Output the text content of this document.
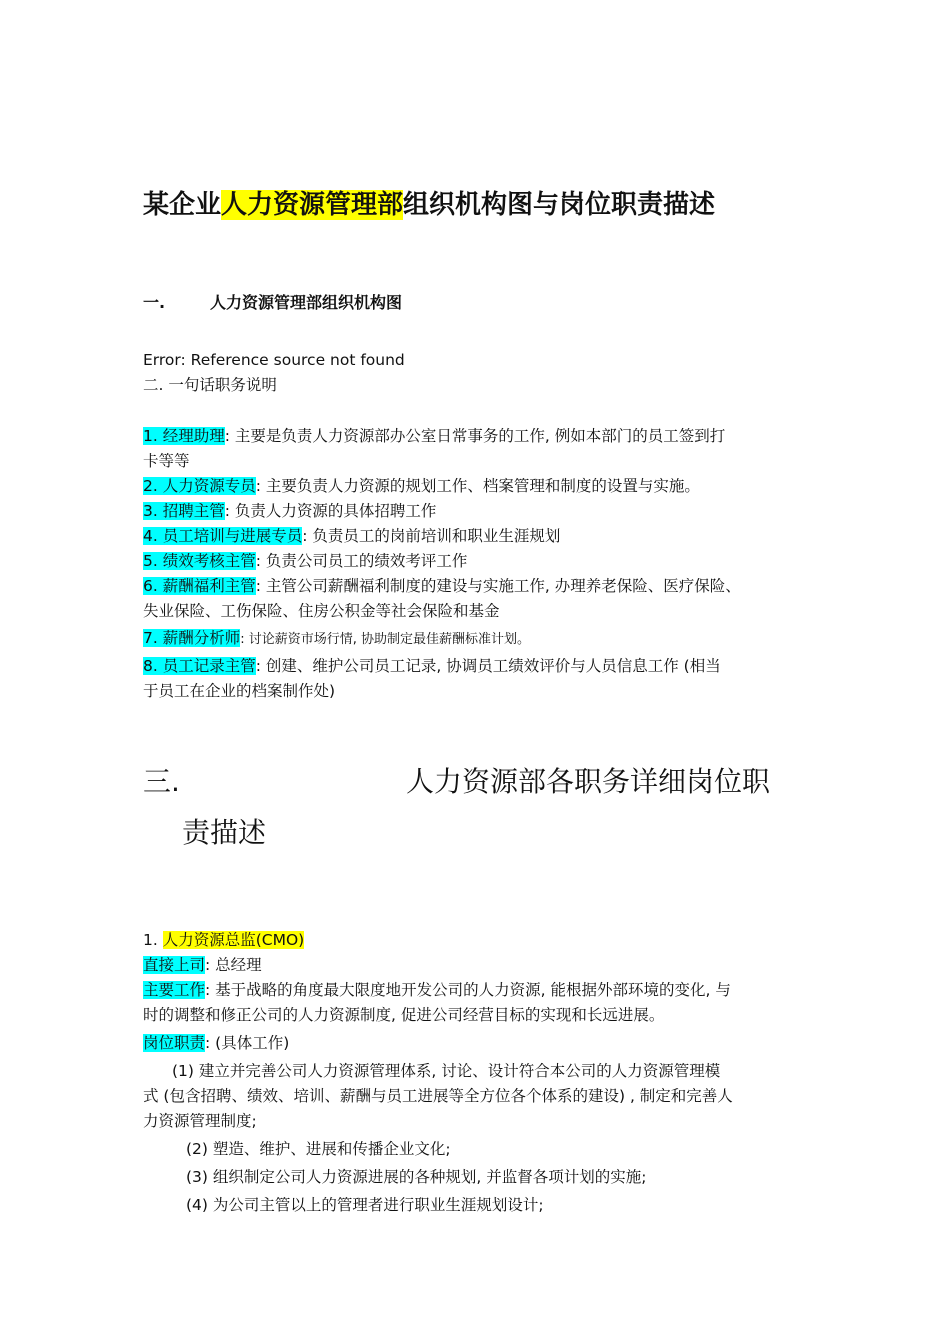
某企业人力资源管理部组织机构图与岗位职责描述
一.	人力资源管理部组织机构图
Error: Reference source not found
二. 一句话职务说明
1. 经理助理: 主要是负责人力资源部办公室日常事务的工作, 例如本部门的员工签到打
卡等等
2. 人力资源专员: 主要负责人力资源的规划工作、档案管理和制度的设置与实施。
3. 招聘主管: 负责人力资源的具体招聘工作
4. 员工培训与进展专员: 负责员工的岗前培训和职业生涯规划
5. 绩效考核主管: 负责公司员工的绩效考评工作
6. 薪酬福利主管: 主管公司薪酬福利制度的建设与实施工作, 办理养老保险、医疗保险、
失业保险、工伤保险、住房公积金等社会保险和基金
7. 薪酬分析师: 讨论薪资市场行情, 协助制定最佳薪酬标准计划。
8. 员工记录主管: 创建、维护公司员工记录, 协调员工绩效评价与人员信息工作 (相当
于员工在企业的档案制作处)
三.	人力资源部各职务详细岗位职
责描述
1. 人力资源总监(CMO)
直接上司: 总经理
主要工作: 基于战略的角度最大限度地开发公司的人力资源, 能根据外部环境的变化, 与
时的调整和修正公司的人力资源制度, 促进公司经营目标的实现和长远进展。
岗位职责: (具体工作)
(1) 建立并完善公司人力资源管理体系, 讨论、设计符合本公司的人力资源管理模
式 (包含招聘、绩效、培训、薪酬与员工进展等全方位各个体系的建设) , 制定和完善人
力资源管理制度;
(2) 塑造、维护、进展和传播企业文化;
(3) 组织制定公司人力资源进展的各种规划, 并监督各项计划的实施;
(4) 为公司主管以上的管理者进行职业生涯规划设计;
